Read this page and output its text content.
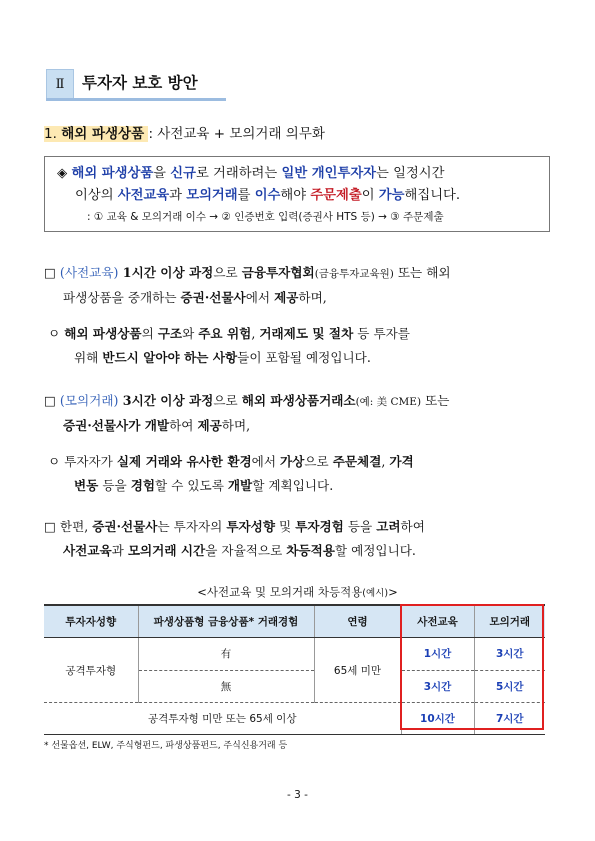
Ⅱ	투자자 보호 방안
1. 해외 파생상품 : 사전교육 + 모의거래 의무화
◈ 해외 파생상품을 신규로 거래하려는 일반 개인투자자는 일정시간
이상의 사전교육과 모의거래를 이수해야 주문제출이 가능해집니다.
: ① 교육 & 모의거래 이수 → ② 인증번호 입력(증권사 HTS 등) → ③ 주문제출
□ (사전교육) 1시간 이상 과정으로 금융투자협회(금융투자교육원) 또는 해외
파생상품을 중개하는 증권·선물사에서 제공하며,
ㅇ 해외 파생상품의 구조와 주요 위험, 거래제도 및 절차 등 투자를
위해 반드시 알아야 하는 사항들이 포함될 예정입니다.
□ (모의거래) 3시간 이상 과정으로 해외 파생상품거래소(예: 美 CME) 또는
증권·선물사가 개발하여 제공하며,
ㅇ 투자자가 실제 거래와 유사한 환경에서 가상으로 주문체결, 가격
변동 등을 경험할 수 있도록 개발할 계획입니다.
□ 한편, 증권·선물사는 투자자의 투자성향 및 투자경험 등을 고려하여
사전교육과 모의거래 시간을 자율적으로 차등적용할 예정입니다.
<사전교육 및 모의거래 차등적용(예시)>
투자자성향	파생상품형 금융상품* 거래경험	연령	사전교육	모의거래
공격투자형	有	65세 미만	1시간	3시간
	無		3시간	5시간
공격투자형 미만 또는 65세 이상			10시간	7시간
* 선물옵션, ELW, 주식형펀드, 파생상품펀드, 주식신용거래 등
- 3 -
